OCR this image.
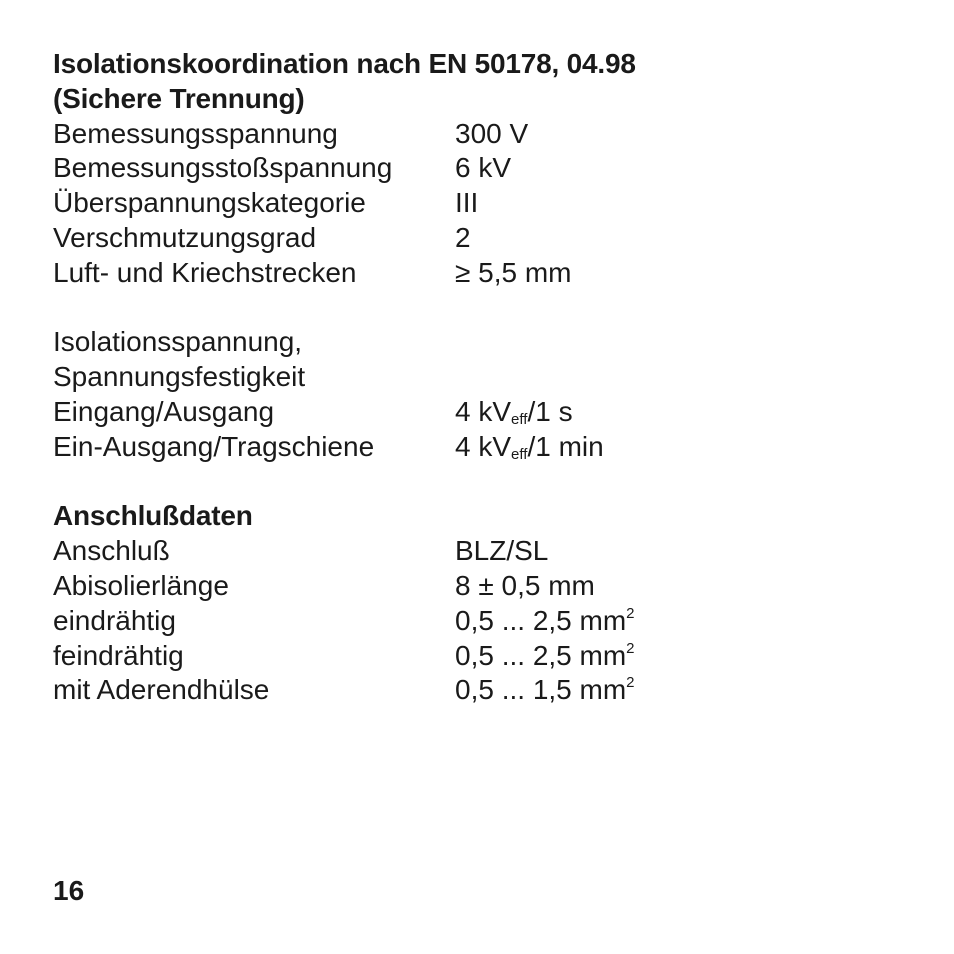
Isolationskoordination nach EN 50178, 04.98
(Sichere Trennung)
Bemessungsspannung	300 V
Bemessungsstoßspannung 6 kV
Überspannungskategorie	III
Verschmutzungsgrad	2
Luft- und Kriechstrecken	≥ 5,5 mm
Isolationsspannung,
Spannungsfestigkeit
Eingang/Ausgang	4 $kV_{eff}/1$ s
Ein-Ausgang/Tragschiene	4 $kV_{eff}/1$ min
Anschlußdaten
Anschluß	BLZ/SL
Abisolierlänge	8 ± 0,5 mm
eindrähtig	0,5 ... 2,5 $mm^2$
feindrähtig	0,5 ... 2,5 $mm^2$
mit Aderendhülse	0,5 ... 1,5 $mm^2$
16
